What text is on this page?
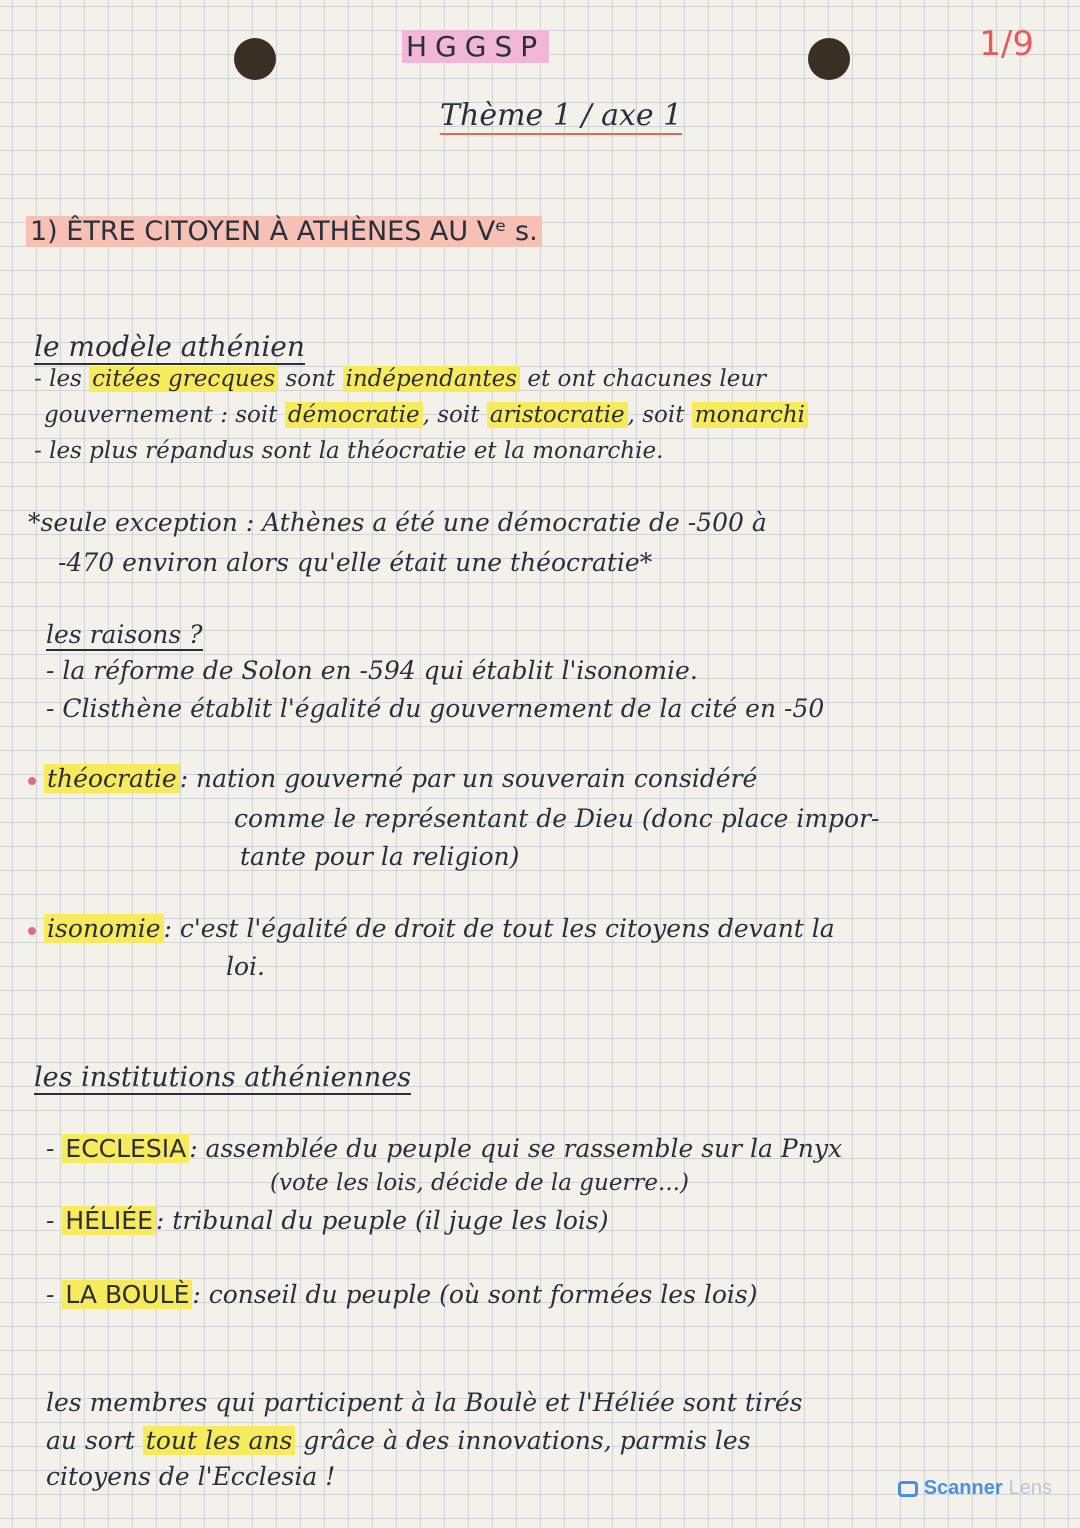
HGGSP	1/9
Thème 1 / axe 1
1) ÊTRE CITOYEN À ATHÈNES AU Vᵉ s.
le modèle athénien
- les citées grecques sont indépendantes et ont chacunes leur
gouvernement : soit démocratie , soit aristocratie , soit monarchi
- les plus répandus sont la théocratie et la monarchie.
*seule exception : Athènes a été une démocratie de -500 à
-470 environ alors qu'elle était une théocratie*
les raisons ?
- la réforme de Solon en -594 qui établit l'isonomie.
- Clisthène établit l'égalité du gouvernement de la cité en -50
théocratie : nation gouverné par un souverain considéré
comme le représentant de Dieu (donc place impor-
tante pour la religion)
isonomie : c'est l'égalité de droit de tout les citoyens devant la
loi.
les institutions athéniennes
- ECCLESIA : assemblée du peuple qui se rassemble sur la Pnyx
(vote les lois, décide de la guerre...)
- HÉLIÉE : tribunal du peuple (il juge les lois)
- LA BOULÈ : conseil du peuple (où sont formées les lois)
les membres qui participent à la Boulè et l'Héliée sont tirés
au sort tout les ans grâce à des innovations, parmis les
citoyens de l'Ecclesia !	Scanner Lens
